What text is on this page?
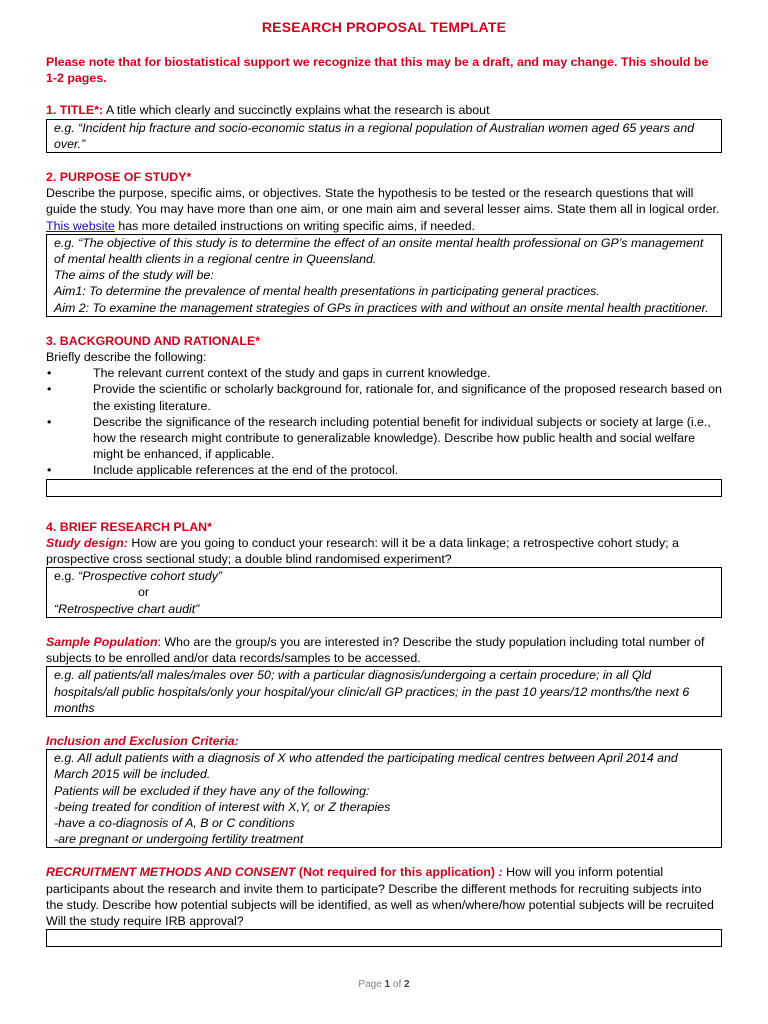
RESEARCH PROPOSAL TEMPLATE
Please note that for biostatistical support we recognize that this may be a draft, and may change. This should be 1-2 pages.
1. TITLE*: A title which clearly and succinctly explains what the research is about
e.g. “Incident hip fracture and socio-economic status in a regional population of Australian women aged 65 years and over.”
2. PURPOSE OF STUDY*
Describe the purpose, specific aims, or objectives. State the hypothesis to be tested or the research questions that will guide the study. You may have more than one aim, or one main aim and several lesser aims. State them all in logical order. This website has more detailed instructions on writing specific aims, if needed.
e.g. “The objective of this study is to determine the effect of an onsite mental health professional on GP’s management of mental health clients in a regional centre in Queensland.
The aims of the study will be:
Aim1: To determine the prevalence of mental health presentations in participating general practices.
Aim 2: To examine the management strategies of GPs in practices with and without an onsite mental health practitioner.
3. BACKGROUND AND RATIONALE*
Briefly describe the following:
•	The relevant current context of the study and gaps in current knowledge.
•	Provide the scientific or scholarly background for, rationale for, and significance of the proposed research based on the existing literature.
•	Describe the significance of the research including potential benefit for individual subjects or society at large (i.e., how the research might contribute to generalizable knowledge). Describe how public health and social welfare might be enhanced, if applicable.
•	Include applicable references at the end of the protocol.
4. BRIEF RESEARCH PLAN*
Study design: How are you going to conduct your research: will it be a data linkage; a retrospective cohort study; a prospective cross sectional study; a double blind randomised experiment?
e.g. “Prospective cohort study”
or
“Retrospective chart audit”
Sample Population: Who are the group/s you are interested in? Describe the study population including total number of subjects to be enrolled and/or data records/samples to be accessed.
e.g. all patients/all males/males over 50; with a particular diagnosis/undergoing a certain procedure; in all Qld hospitals/all public hospitals/only your hospital/your clinic/all GP practices; in the past 10 years/12 months/the next 6 months
Inclusion and Exclusion Criteria:
e.g. All adult patients with a diagnosis of X who attended the participating medical centres between April 2014 and March 2015 will be included.
Patients will be excluded if they have any of the following:
-being treated for condition of interest with X,Y, or Z therapies
-have a co-diagnosis of A, B or C conditions
-are pregnant or undergoing fertility treatment
RECRUITMENT METHODS AND CONSENT (Not required for this application) : How will you inform potential participants about the research and invite them to participate? Describe the different methods for recruiting subjects into the study. Describe how potential subjects will be identified, as well as when/where/how potential subjects will be recruited Will the study require IRB approval?
Page 1 of 2
